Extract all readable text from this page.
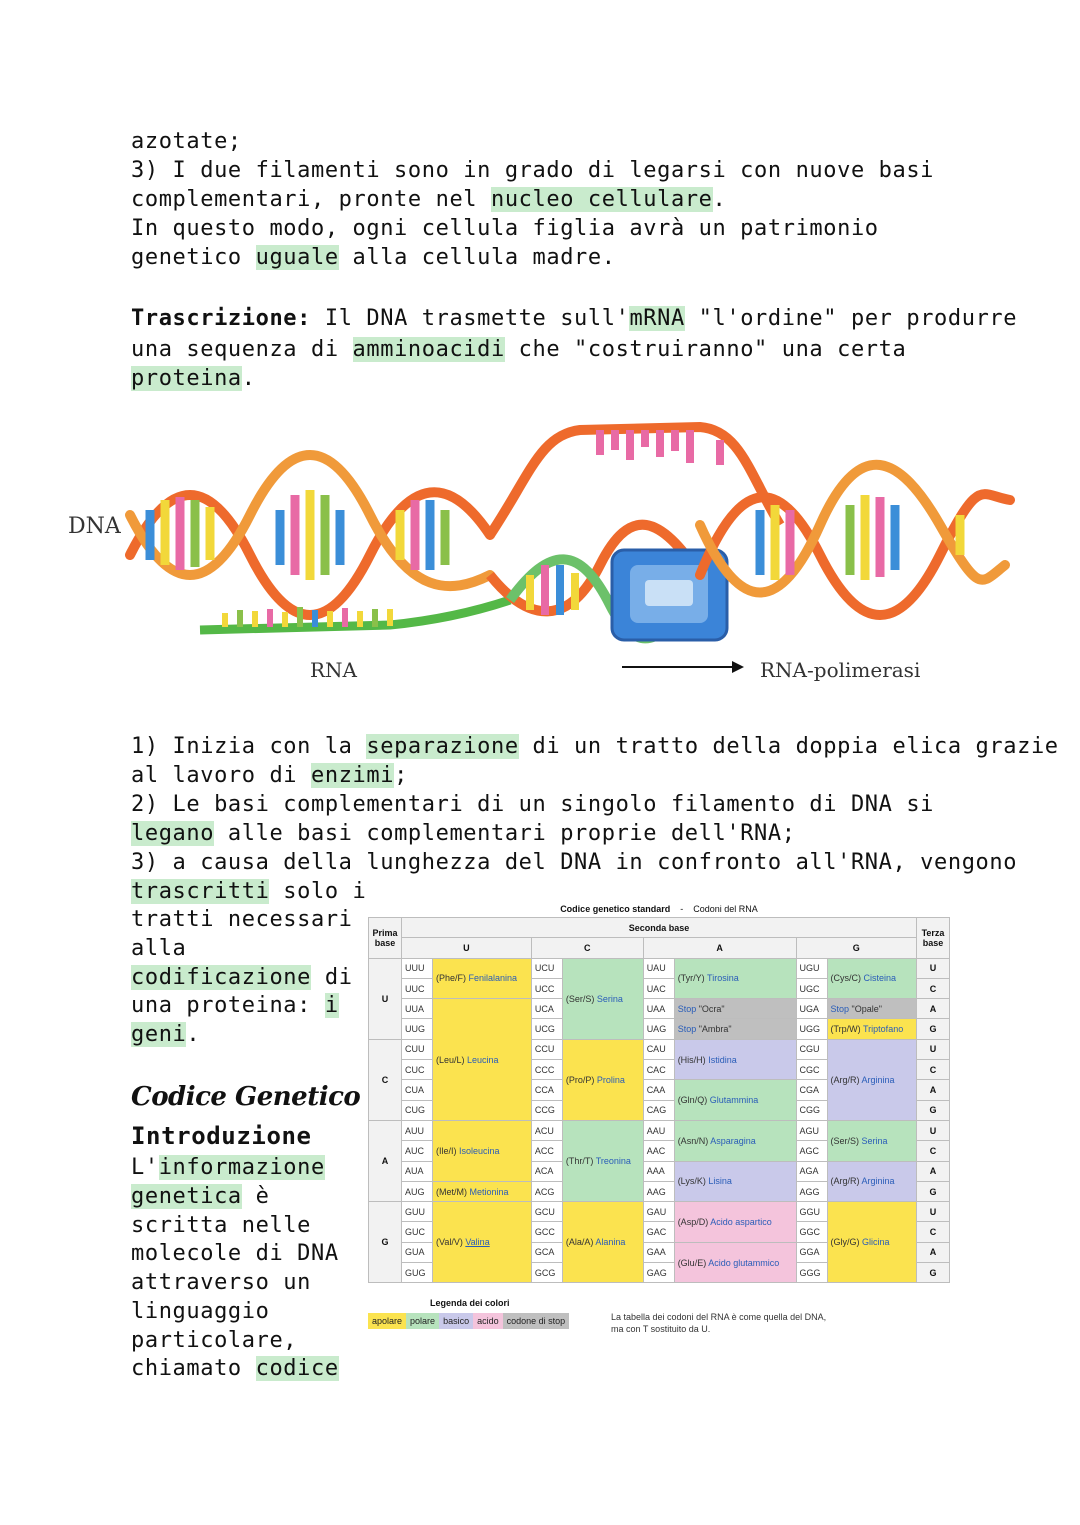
azotate;
3) I due filamenti sono in grado di legarsi con nuove basi
complementari, pronte nel nucleo cellulare.
In questo modo, ogni cellula figlia avrà un patrimonio
genetico uguale alla cellula madre.
Trascrizione: Il DNA trasmette sull'mRNA "l'ordine" per produrre
una sequenza di amminoacidi che "costruiranno" una certa
proteina.
DNA
RNA	RNA-polimerasi
1) Inizia con la separazione di un tratto della doppia elica grazie
al lavoro di enzimi;
2) Le basi complementari di un singolo filamento di DNA si
legano alle basi complementari proprie dell'RNA;
3) a causa della lunghezza del DNA in confronto all'RNA, vengono
trascritti solo i
tratti necessari
alla
codificazione di
una proteina: i
geni.
Codice Genetico
Introduzione
L'informazione
genetica è
scritta nelle
molecole di DNA
attraverso un
linguaggio
particolare,
chiamato codice
Codice genetico standard - Codoni del RNA
Prima base	Seconda base								Terza base
	U		C		A		G		
U	UUU	(Phe/F) Fenilalanina	UCU	(Ser/S) Serina	UAU	(Tyr/Y) Tirosina	UGU	(Cys/C) Cisteina	U
	UUC		UCC		UAC		UGC		C
	UUA	(Leu/L) Leucina	UCA		UAA	Stop "Ocra"	UGA	Stop "Opale"	A
	UUG		UCG		UAG	Stop "Ambra"	UGG	(Trp/W) Triptofano	G
C	CUU		CCU	(Pro/P) Prolina	CAU	(His/H) Istidina	CGU	(Arg/R) Arginina	U
	CUC		CCC		CAC		CGC		C
	CUA		CCA		CAA	(Gln/Q) Glutammina	CGA		A
	CUG		CCG		CAG		CGG		G
A	AUU	(Ile/I) Isoleucina	ACU	(Thr/T) Treonina	AAU	(Asn/N) Asparagina	AGU	(Ser/S) Serina	U
	AUC		ACC		AAC		AGC		C
	AUA		ACA		AAA	(Lys/K) Lisina	AGA	(Arg/R) Arginina	A
	AUG	(Met/M) Metionina	ACG		AAG		AGG		G
G	GUU	(Val/V) Valina	GCU	(Ala/A) Alanina	GAU	(Asp/D) Acido aspartico	GGU	(Gly/G) Glicina	U
	GUC		GCC		GAC		GGC		C
	GUA		GCA		GAA	(Glu/E) Acido glutammico	GGA		A
	GUG		GCG		GAG		GGG		G
Legenda dei colori
apolare polare basico acido codone di stop	La tabella dei codoni del RNA è come quella del DNA,
ma con T sostituito da U.
